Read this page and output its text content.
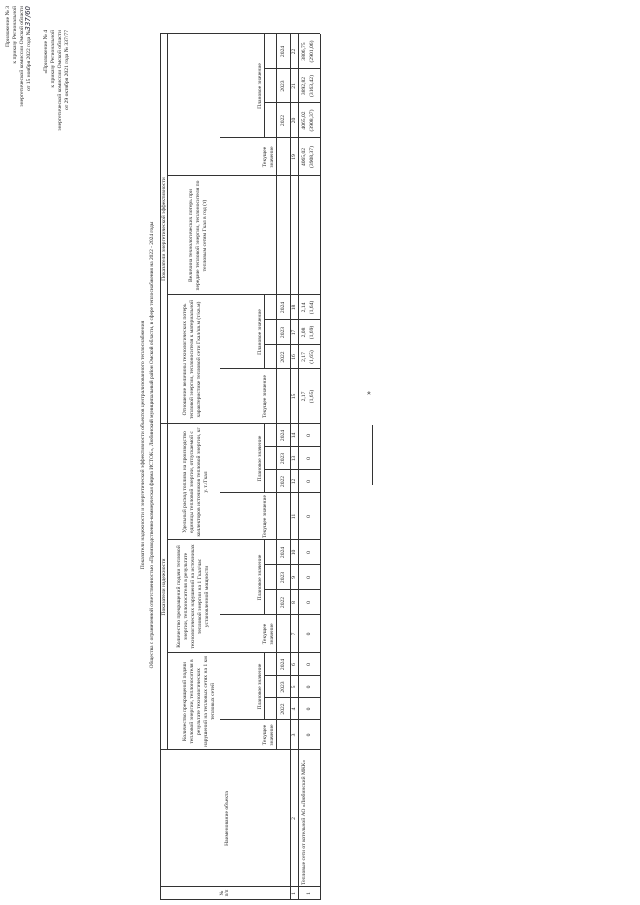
Приложение № 3 к приказу Региональной энергетической комиссии Омской области от 15 ноября 2022 года №
337/60
«Приложение № 4 к приказу Региональной энергетической комиссии Омской области от 29 октября 2021 года № 337/77
Показатели надежности и энергетической эффективности объектов централизованного теплоснабжения Общества с ограниченной ответственностью «Производственно-коммерческая фирма ИСТОК», Любинский муниципальный район Омской области, в сфере теплоснабжения на 2022 - 2024 годы
№ п/п
Наименование объекта
Показатели надежности
Показатели энергетической эффективности
Количество прекращений подачи тепловой энергии, теплоносителя в результате технологических нарушений на тепловых сетях на 1 км тепловых сетей
Количество прекращений подачи тепловой энергии, теплоносителя в результате технологических нарушений на источниках тепловой энергии на 1 Гкал/час установленной мощности
Удельный расход топлива на производство единицы тепловой энергии, отпускаемой с коллекторов источников тепловой энергии, кг у. т./Гкал
Отношение величины технологических потерь тепловой энергии, теплоносителя к материальной характеристике тепловой сети Гкал/кв.м (т/кв.м)
Величина технологических потерь при передаче тепловой энергии, теплоносителя по тепловым сетям Гкал в год (т)
Текущее значение
Плановое значение
Текущее значение
Плановое значение
Текущее значение
Плановое значение
Текущее значение
Плановое значение
Текущее значение
Плановое значение
2022
2023
2024
2022
2023
2024
2022
2023
2024
2022
2023
2024
2022
2023
2024
1
2
3
4
5
6
7
8
9
10
11
12
13
14
15
16
17
18
19
20
21
22
1
Тепловые сети от котельной АО «Любинский МКК»
0
0
0
0
0
0
0
0
0
0
0
0
2,17 (1,65)
2,17 (1,65)
2,08 (1,69)
2,14 (1,64)
4065,02 (3908,37)
4065,02 (3908,37)
3892,82 (3163,42)
3806,75 (2901,06)
»
